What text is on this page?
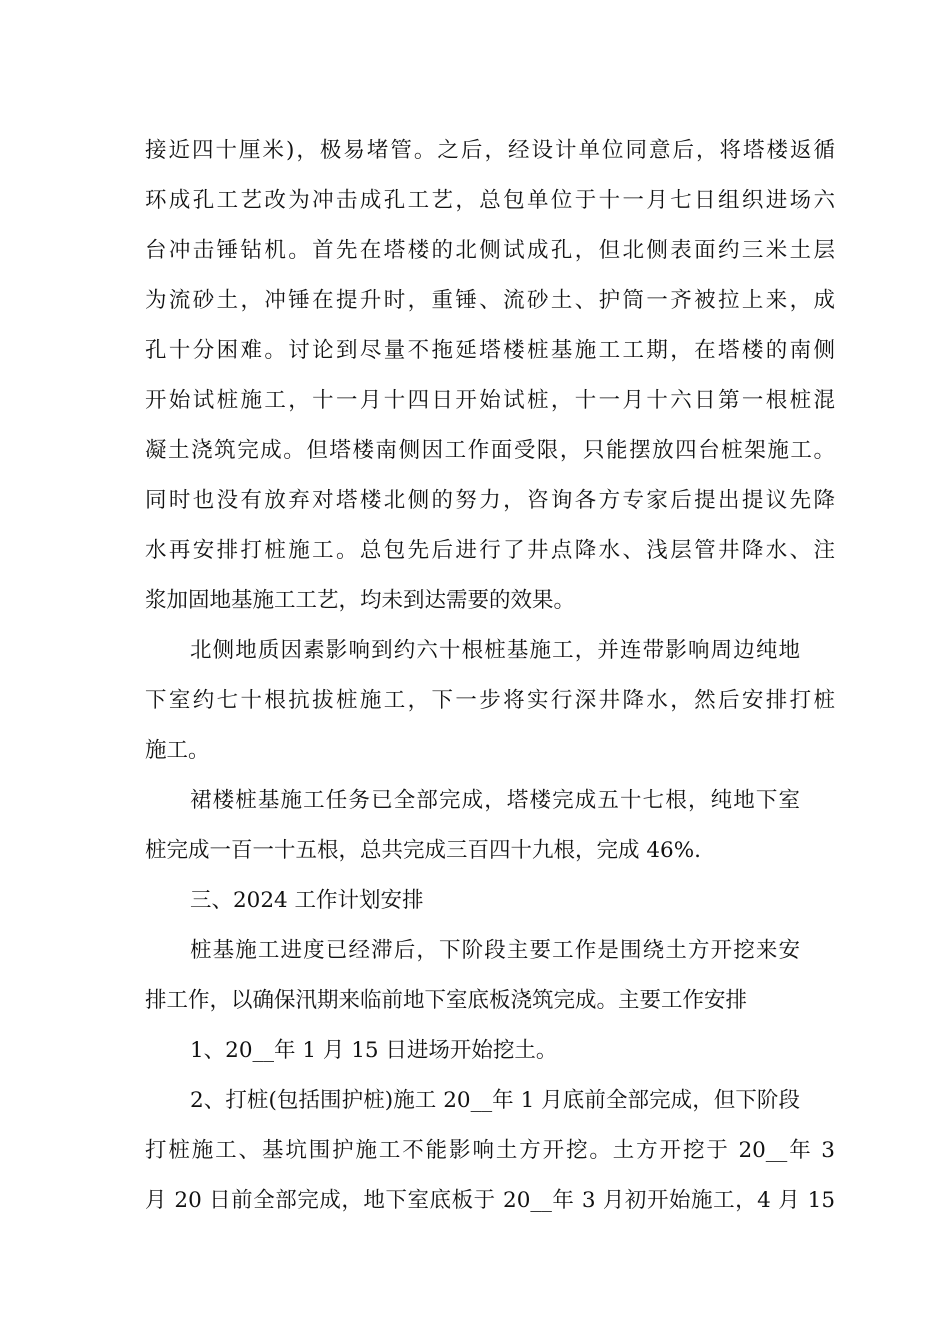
接近四十厘米)，极易堵管。之后，经设计单位同意后，将塔楼返循
环成孔工艺改为冲击成孔工艺，总包单位于十一月七日组织进场六
台冲击锤钻机。首先在塔楼的北侧试成孔，但北侧表面约三米土层
为流砂土，冲锤在提升时，重锤、流砂土、护筒一齐被拉上来，成
孔十分困难。讨论到尽量不拖延塔楼桩基施工工期，在塔楼的南侧
开始试桩施工，十一月十四日开始试桩，十一月十六日第一根桩混
凝土浇筑完成。但塔楼南侧因工作面受限，只能摆放四台桩架施工。
同时也没有放弃对塔楼北侧的努力，咨询各方专家后提出提议先降
水再安排打桩施工。总包先后进行了井点降水、浅层管井降水、注
浆加固地基施工工艺，均未到达需要的效果。
北侧地质因素影响到约六十根桩基施工，并连带影响周边纯地
下室约七十根抗拔桩施工，下一步将实行深井降水，然后安排打桩
施工。
裙楼桩基施工任务已全部完成，塔楼完成五十七根，纯地下室
桩完成一百一十五根，总共完成三百四十九根，完成 46%.
三、2024 工作计划安排
桩基施工进度已经滞后，下阶段主要工作是围绕土方开挖来安
排工作，以确保汛期来临前地下室底板浇筑完成。主要工作安排
1、20__年 1 月 15 日进场开始挖土。
2、打桩(包括围护桩)施工 20__年 1 月底前全部完成，但下阶段
打桩施工、基坑围护施工不能影响土方开挖。土方开挖于 20__年 3
月 20 日前全部完成，地下室底板于 20__年 3 月初开始施工，4 月 15
